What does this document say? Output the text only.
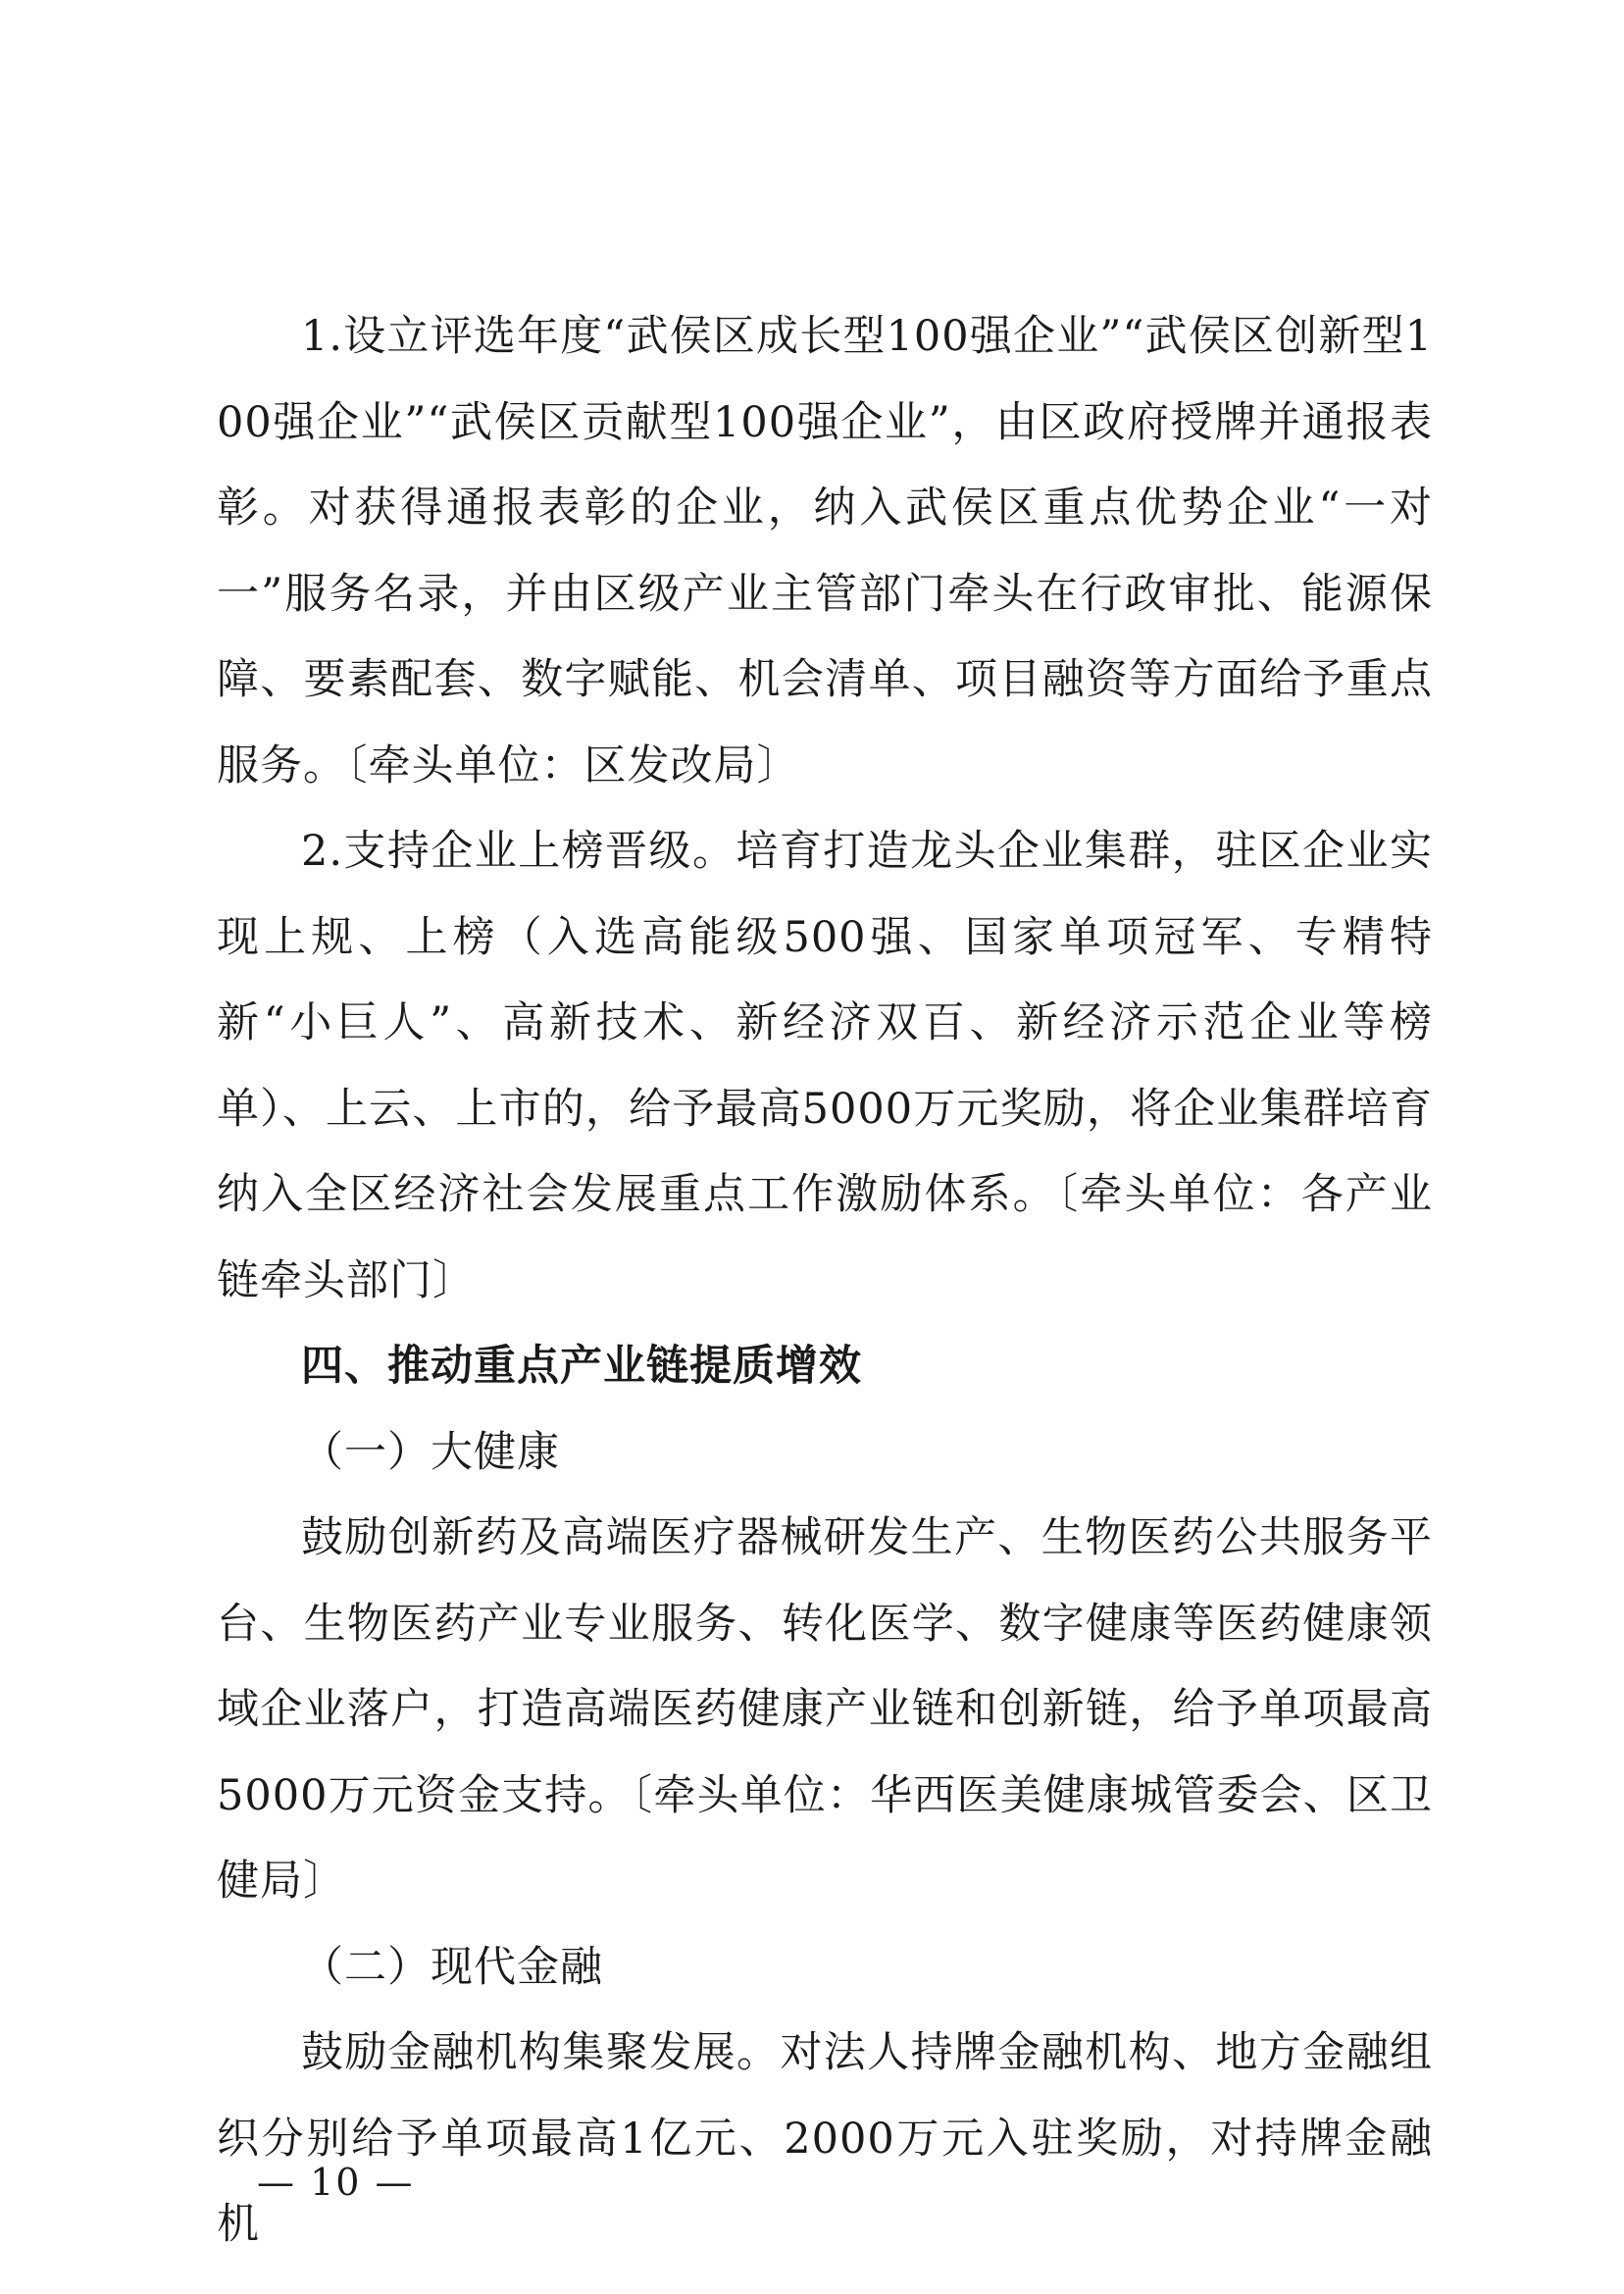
1.设立评选年度“武侯区成长型100强企业”“武侯区创新型100强企业”“武侯区贡献型100强企业”，由区政府授牌并通报表彰。对获得通报表彰的企业，纳入武侯区重点优势企业“一对一”服务名录，并由区级产业主管部门牵头在行政审批、能源保障、要素配套、数字赋能、机会清单、项目融资等方面给予重点服务。〔牵头单位：区发改局〕

2.支持企业上榜晋级。培育打造龙头企业集群，驻区企业实现上规、上榜（入选高能级500强、国家单项冠军、专精特新“小巨人”、高新技术、新经济双百、新经济示范企业等榜单）、上云、上市的，给予最高5000万元奖励，将企业集群培育纳入全区经济社会发展重点工作激励体系。〔牵头单位：各产业链牵头部门〕

四、推动重点产业链提质增效

（一）大健康

鼓励创新药及高端医疗器械研发生产、生物医药公共服务平台、生物医药产业专业服务、转化医学、数字健康等医药健康领域企业落户，打造高端医药健康产业链和创新链，给予单项最高5000万元资金支持。〔牵头单位：华西医美健康城管委会、区卫健局〕

（二）现代金融

鼓励金融机构集聚发展。对法人持牌金融机构、地方金融组织分别给予单项最高1亿元、2000万元入驻奖励，对持牌金融机

— 10 —
